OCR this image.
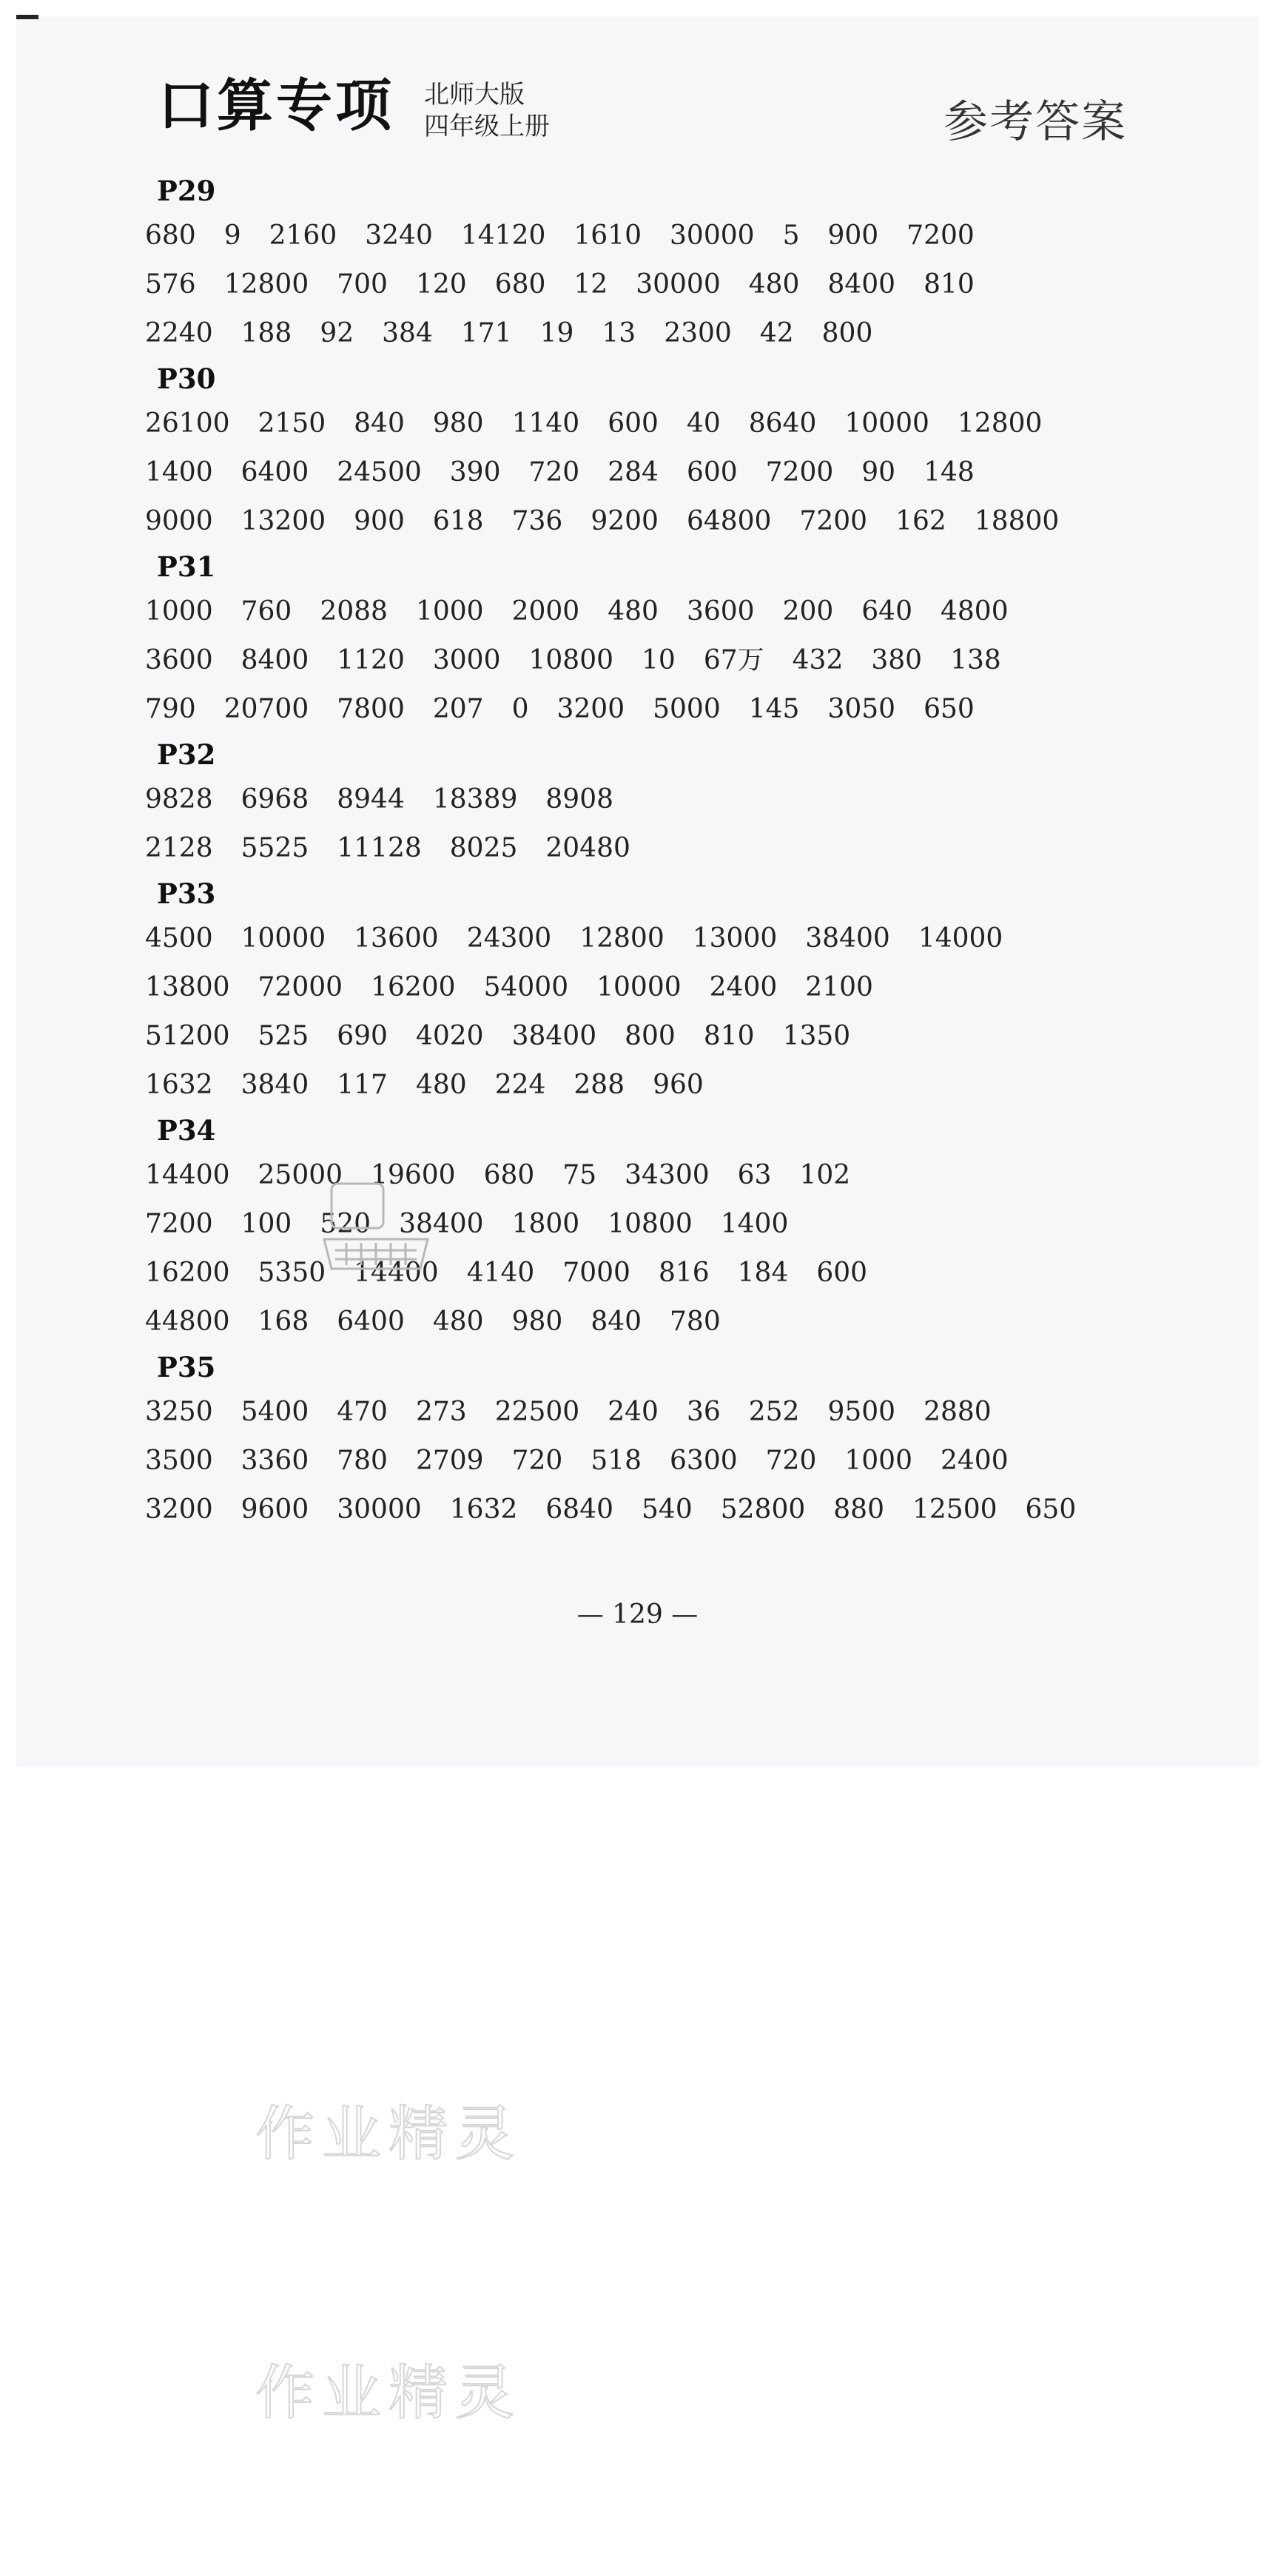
口算专项 北师大版
四年级上册	参考答案
P29
680 9 2160 3240 14120 1610 30000 5 900 7200
576 12800 700 120 680 12 30000 480 8400 810
2240 188 92 384 171 19 13 2300 42 800
P30
26100 2150 840 980 1140 600 40 8640 10000 12800
1400 6400 24500 390 720 284 600 7200 90 148
9000 13200 900 618 736 9200 64800 7200 162 18800
P31
1000 760 2088 1000 2000 480 3600 200 640 4800
3600 8400 1120 3000 10800 10 67万 432 380 138
790 20700 7800 207 0 3200 5000 145 3050 650
P32
9828 6968 8944 18389 8908
2128 5525 11128 8025 20480
P33
4500 10000 13600 24300 12800 13000 38400 14000
13800 72000 16200 54000 10000 2400 2100
51200 525 690 4020 38400 800 810 1350
1632 3840 117 480 224 288 960
P34
14400 25000 19600 680 75 34300 63 102
7200 100 520 38400 1800 10800 1400
16200 5350 14400 4140 7000 816 184 600
44800 168 6400 480 980 840 780
P35
3250 5400 470 273 22500 240 36 252 9500 2880
3500 3360 780 2709 720 518 6300 720 1000 2400
3200 9600 30000 1632 6840 540 52800 880 12500 650
— 129 —
作业精灵
作业精灵
